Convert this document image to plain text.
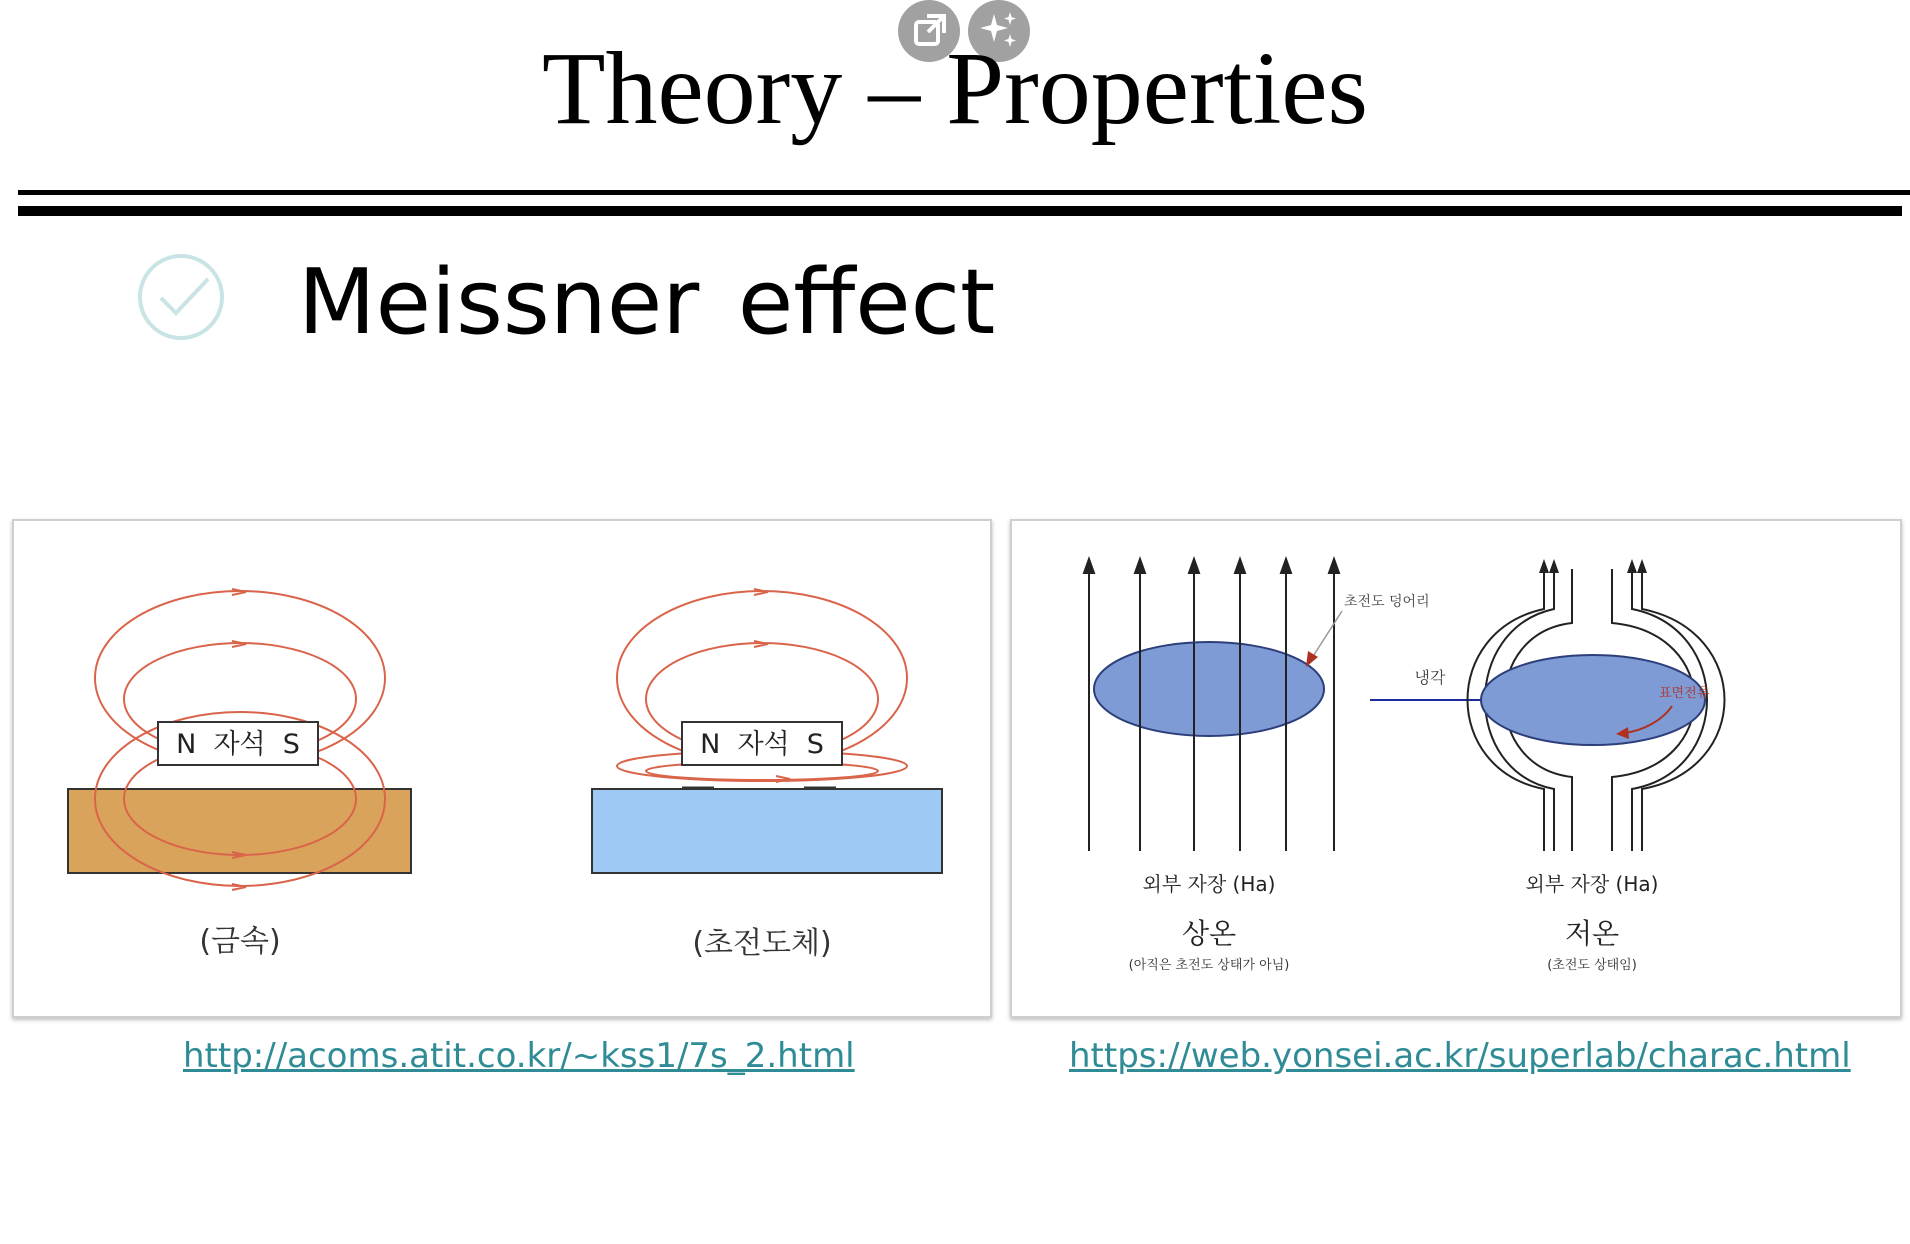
Theory – Properties
Meissner effect
N  자석  S
(금속)
N  자석  S
(초전도체)
초전도 덩어리
냉각
표면전류
외부 자장 (Ha)
상온
(아직은 초전도 상태가 아님)
외부 자장 (Ha)
저온
(초전도 상태임)
http://acoms.atit.co.kr/~kss1/7s_2.html	https://web.yonsei.ac.kr/superlab/charac.html
